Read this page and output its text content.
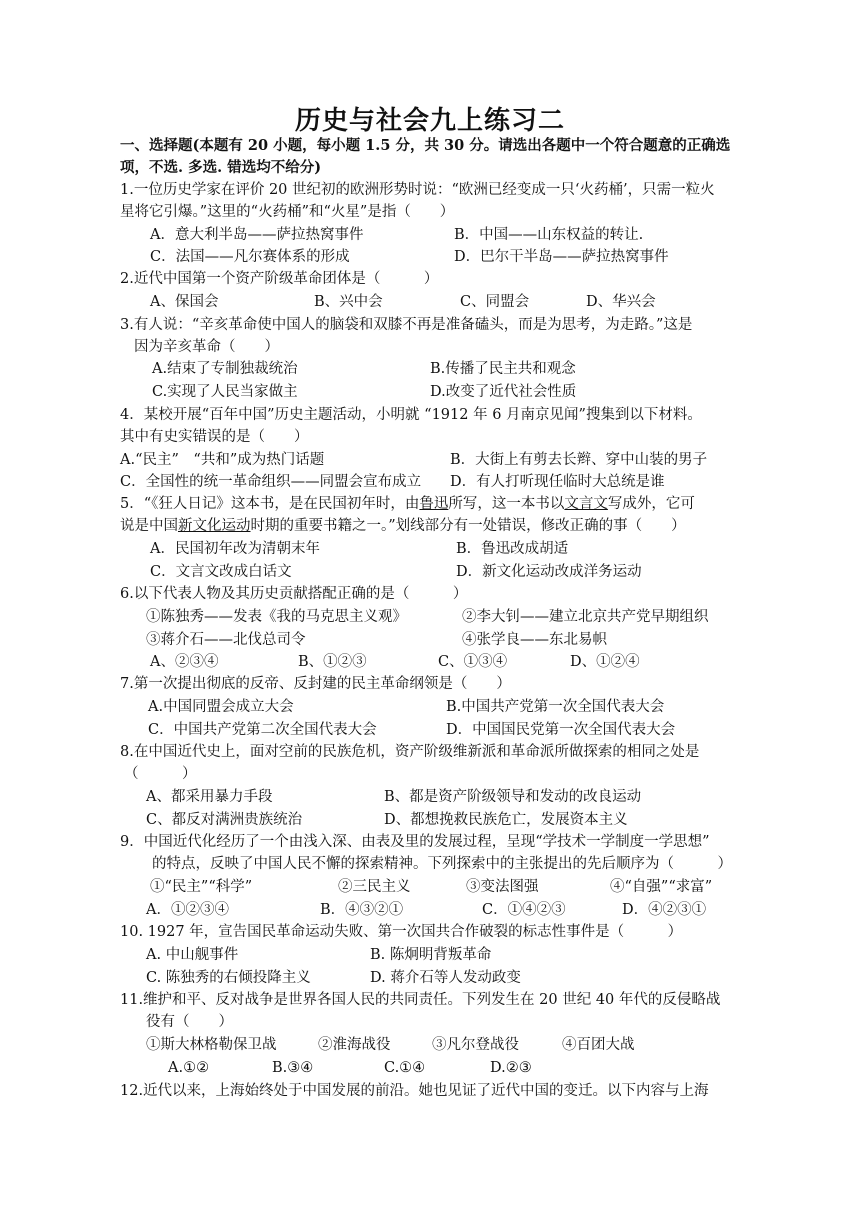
历史与社会九上练习二
一、选择题(本题有 20 小题，每小题 1.5 分，共 30 分。请选出各题中一个符合题意的正确选
项，不选. 多选. 错选均不给分)
1.一位历史学家在评价 20 世纪初的欧洲形势时说：“欧洲已经变成一只‘火药桶’，只需一粒火
星将它引爆。”这里的“火药桶”和“火星”是指（　　）
A．意大利半岛——萨拉热窝事件	B．中国——山东权益的转让.
C．法国——凡尔赛体系的形成	D．巴尔干半岛——萨拉热窝事件
2.近代中国第一个资产阶级革命团体是（　　　）
A、保国会	B、兴中会	C、同盟会	D、华兴会
3.有人说：“辛亥革命使中国人的脑袋和双膝不再是准备磕头，而是为思考，为走路。”这是
因为辛亥革命（　　）
A.结束了专制独裁统治	B.传播了民主共和观念
C.实现了人民当家做主	D.改变了近代社会性质
4．某校开展“百年中国”历史主题活动，小明就 “1912 年 6 月南京见闻”搜集到以下材料。
其中有史实错误的是（　　）
A.“民主”　“共和”成为热门话题	B．大街上有剪去长辫、穿中山装的男子
C．全国性的统一革命组织——同盟会宣布成立 D．有人打听现任临时大总统是谁
5．“《狂人日记》这本书，是在民国初年时，由鲁迅所写，这一本书以文言文写成外，它可
说是中国新文化运动时期的重要书籍之一。”划线部分有一处错误，修改正确的事（　　）
A．民国初年改为清朝末年	B．鲁迅改成胡适
C．文言文改成白话文	D．新文化运动改成洋务运动
6.以下代表人物及其历史贡献搭配正确的是（　　　）
①陈独秀——发表《我的马克思主义观》	②李大钊——建立北京共产党早期组织
③蒋介石——北伐总司令	④张学良——东北易帜
A、②③④	B、①②③	C、①③④	D、①②④
7.第一次提出彻底的反帝、反封建的民主革命纲领是（　　）
A.中国同盟会成立大会	B.中国共产党第一次全国代表大会
C．中国共产党第二次全国代表大会	D．中国国民党第一次全国代表大会
8.在中国近代史上，面对空前的民族危机，资产阶级维新派和革命派所做探索的相同之处是
（　　　）
A、都采用暴力手段	B、都是资产阶级领导和发动的改良运动
C、都反对满洲贵族统治	D、都想挽救民族危亡，发展资本主义
9．中国近代化经历了一个由浅入深、由表及里的发展过程，呈现“学技术一学制度一学思想”
的特点，反映了中国人民不懈的探索精神。下列探索中的主张提出的先后顺序为（　　　）
①“民主”“科学”	②三民主义	③变法图强	④“自强”“求富”
A．①②③④	B．④③②①	C．①④②③	D．④②③①
10. 1927 年，宣告国民革命运动失败、第一次国共合作破裂的标志性事件是（　　　）
A. 中山舰事件	B. 陈炯明背叛革命
C. 陈独秀的右倾投降主义	D. 蒋介石等人发动政变
11.维护和平、反对战争是世界各国人民的共同责任。下列发生在 20 世纪 40 年代的反侵略战
役有（　　）
①斯大林格勒保卫战	②淮海战役	③凡尔登战役	④百团大战
A.①②	B.③④	C.①④	D.②③
12.近代以来，上海始终处于中国发展的前沿。她也见证了近代中国的变迁。以下内容与上海
